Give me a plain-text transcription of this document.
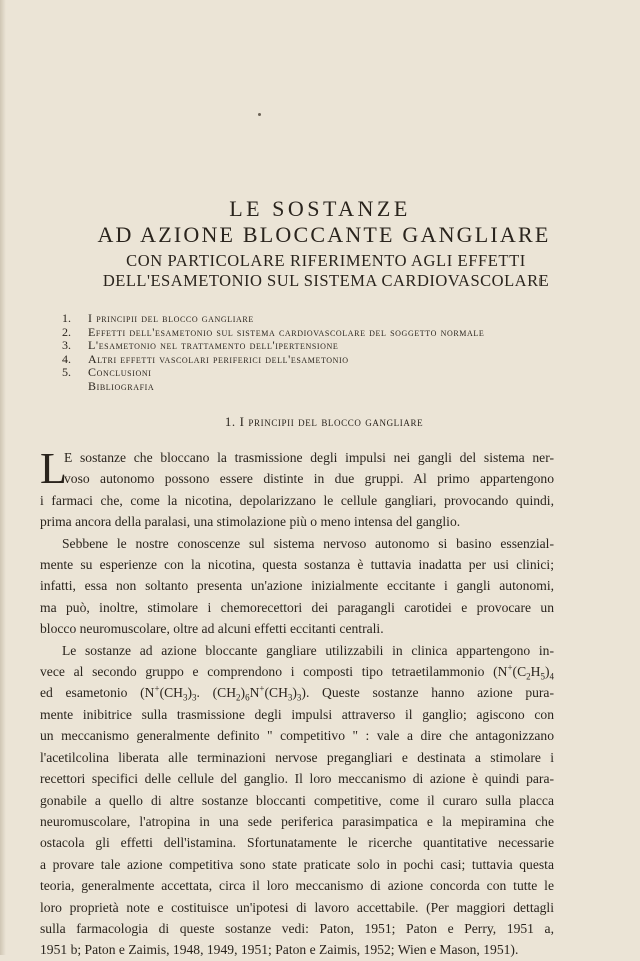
LE SOSTANZE
AD AZIONE BLOCCANTE GANGLIARE
CON PARTICOLARE RIFERIMENTO AGLI EFFETTI
DELL'ESAMETONIO SUL SISTEMA CARDIOVASCOLARE
1.	I principii del blocco gangliare
2.	Effetti dell'esametonio sul sistema cardiovascolare del soggetto normale
3.	L'esametonio nel trattamento dell'ipertensione
4.	Altri effetti vascolari periferici dell'esametonio
5.	Conclusioni
Bibliografia
1. I principii del blocco gangliare
L
E sostanze che bloccano la trasmissione degli impulsi nei gangli del sistema ner-
voso autonomo possono essere distinte in due gruppi. Al primo appartengono
i farmaci che, come la nicotina, depolarizzano le cellule gangliari, provocando quindi,
prima ancora della paralasi, una stimolazione più o meno intensa del ganglio.
Sebbene le nostre conoscenze sul sistema nervoso autonomo si basino essenzial-
mente su esperienze con la nicotina, questa sostanza è tuttavia inadatta per usi clinici;
infatti, essa non soltanto presenta un'azione inizialmente eccitante i gangli autonomi,
ma può, inoltre, stimolare i chemorecettori dei paragangli carotidei e provocare un
blocco neuromuscolare, oltre ad alcuni effetti eccitanti centrali.
Le sostanze ad azione bloccante gangliare utilizzabili in clinica appartengono in-
vece al secondo gruppo e comprendono i composti tipo tetraetilammonio ($N^+(C_2H_5)_4$
ed esametonio ($N^+(CH_3)_3$. $(CH_2)_6N^+(CH_3)_3$). Queste sostanze hanno azione pura-
mente inibitrice sulla trasmissione degli impulsi attraverso il ganglio; agiscono con
un meccanismo generalmente definito " competitivo " : vale a dire che antagonizzano
l'acetilcolina liberata alle terminazioni nervose pregangliari e destinata a stimolare i
recettori specifici delle cellule del ganglio. Il loro meccanismo di azione è quindi para-
gonabile a quello di altre sostanze bloccanti competitive, come il curaro sulla placca
neuromuscolare, l'atropina in una sede periferica parasimpatica e la mepiramina che
ostacola gli effetti dell'istamina. Sfortunatamente le ricerche quantitative necessarie
a provare tale azione competitiva sono state praticate solo in pochi casi; tuttavia questa
teoria, generalmente accettata, circa il loro meccanismo di azione concorda con tutte le
loro proprietà note e costituisce un'ipotesi di lavoro accettabile. (Per maggiori dettagli
sulla farmacologia di queste sostanze vedi: Paton, 1951; Paton e Perry, 1951 a,
1951 b; Paton e Zaimis, 1948, 1949, 1951; Paton e Zaimis, 1952; Wien e Mason, 1951).
